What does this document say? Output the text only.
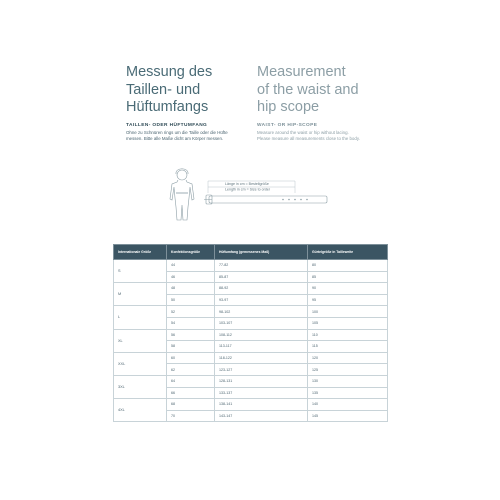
Messung des
Taillen- und
Hüftumfangs
TAILLEN- ODER HÜFTUMFANG
Ohne zu Schnüren rings um die Taille oder die Hüfte
messen. Bitte alle Maße dicht am Körper messen.
Measurement
of the waist and
hip scope
WAIST- OR HIP-SCOPE
Measure around the waist or hip without lacing.
Please measure all measurements close to the body.
Länge in cm = Bestellgröße
Length in cm = Size to order
Internationale Größe	Konfektionsgröße	Hüftumfang (gemessenes Maß)	Gürtelgröße in Tailleweite
S	44	77-82	80
	46	85-87	85
M	48	88-92	90
	50	93-97	95
L	52	98-102	100
	54	103-107	105
XL	56	108-112	110
	58	113-117	115
XXL	60	118-122	120
	62	123-127	125
3XL	64	128-131	130
	66	133-137	135
4XL	68	138-141	140
	70	143-147	145
